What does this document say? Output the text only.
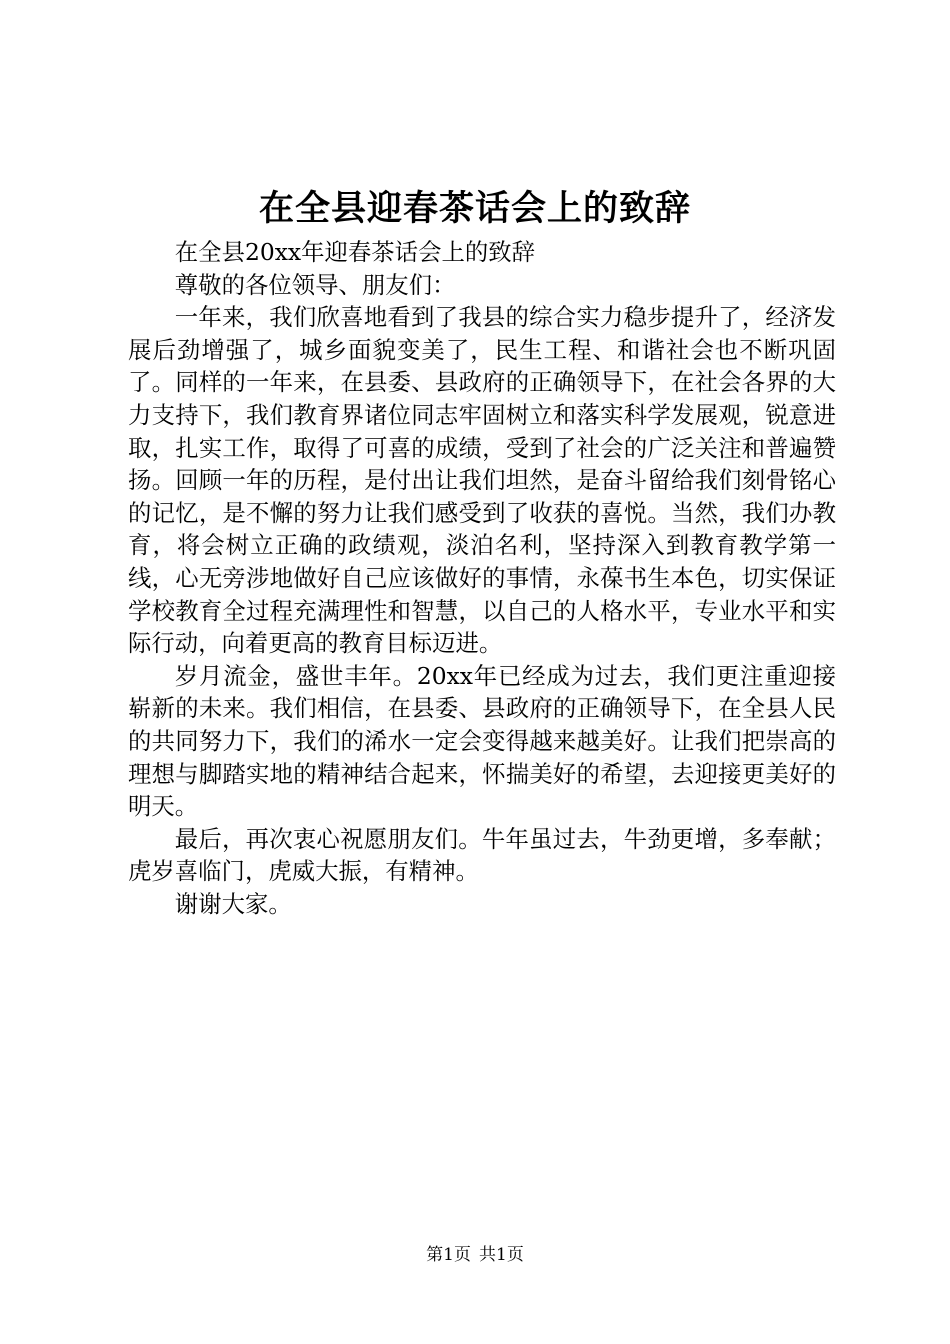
在全县迎春茶话会上的致辞

在全县20xx年迎春茶话会上的致辞

尊敬的各位领导、朋友们：

一年来，我们欣喜地看到了我县的综合实力稳步提升了，经济发展后劲增强了，城乡面貌变美了，民生工程、和谐社会也不断巩固了。同样的一年来，在县委、县政府的正确领导下，在社会各界的大力支持下，我们教育界诸位同志牢固树立和落实科学发展观，锐意进取，扎实工作，取得了可喜的成绩，受到了社会的广泛关注和普遍赞扬。回顾一年的历程，是付出让我们坦然，是奋斗留给我们刻骨铭心的记忆，是不懈的努力让我们感受到了收获的喜悦。当然，我们办教育，将会树立正确的政绩观，淡泊名利，坚持深入到教育教学第一线，心无旁涉地做好自己应该做好的事情，永葆书生本色，切实保证学校教育全过程充满理性和智慧，以自己的人格水平，专业水平和实际行动，向着更高的教育目标迈进。

岁月流金，盛世丰年。20xx年已经成为过去，我们更注重迎接崭新的未来。我们相信，在县委、县政府的正确领导下，在全县人民的共同努力下，我们的浠水一定会变得越来越美好。让我们把崇高的理想与脚踏实地的精神结合起来，怀揣美好的希望，去迎接更美好的明天。

最后，再次衷心祝愿朋友们。牛年虽过去，牛劲更增，多奉献；虎岁喜临门，虎威大振，有精神。

谢谢大家。

第1页 共1页
